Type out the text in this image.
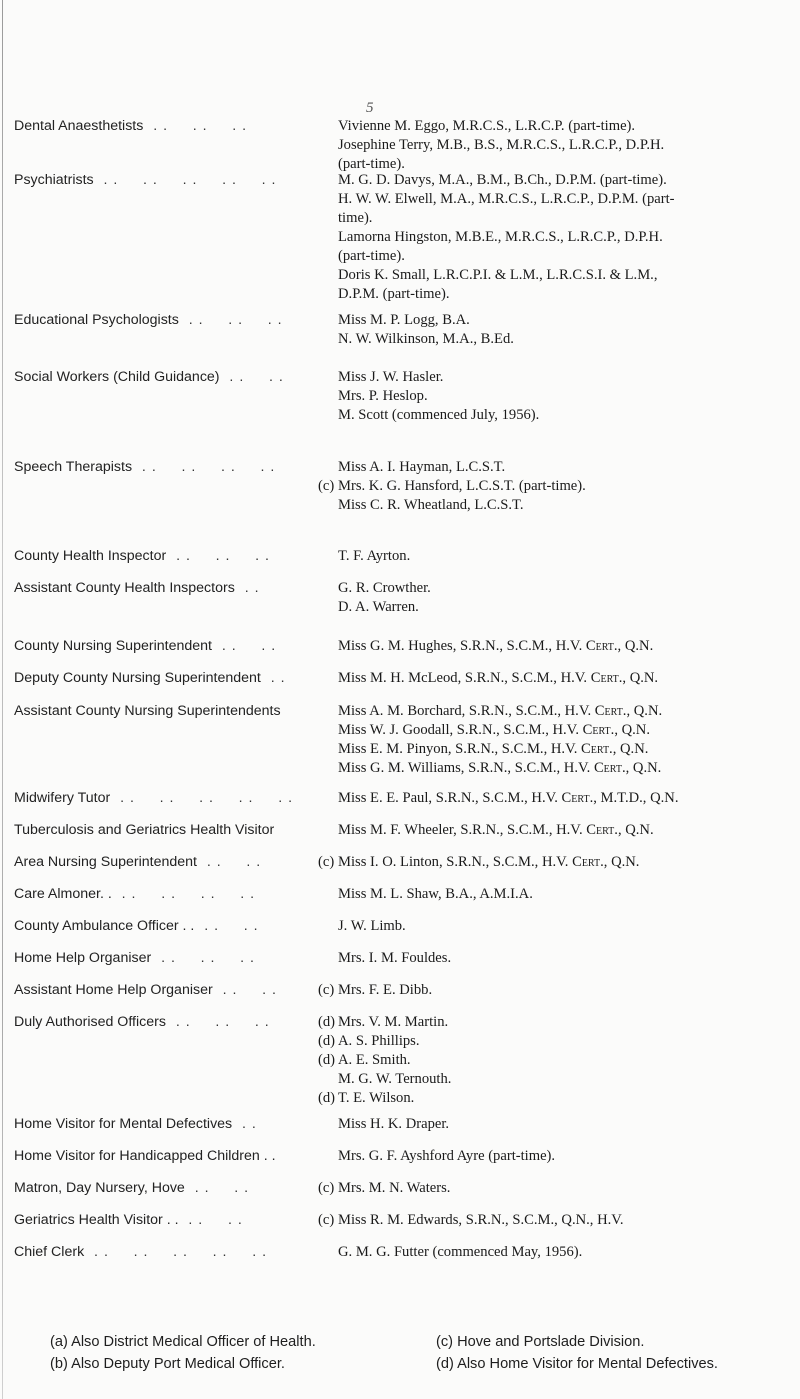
5
Dental Anaesthetists  . .     . .     . .	Vivienne M. Eggo, M.R.C.S., L.R.C.P. (part-time).
Josephine Terry, M.B., B.S., M.R.C.S., L.R.C.P., D.P.H.
(part-time).
Psychiatrists  . .     . .     . .     . .     . .	M. G. D. Davys, M.A., B.M., B.Ch., D.P.M. (part-time).
H. W. W. Elwell, M.A., M.R.C.S., L.R.C.P., D.P.M. (part-
time).
Lamorna Hingston, M.B.E., M.R.C.S., L.R.C.P., D.P.H.
(part-time).
Doris K. Small, L.R.C.P.I. & L.M., L.R.C.S.I. & L.M.,
D.P.M. (part-time).
Educational Psychologists  . .     . .     . .	Miss M. P. Logg, B.A.
N. W. Wilkinson, M.A., B.Ed.
Social Workers (Child Guidance)  . .     . .	Miss J. W. Hasler.
Mrs. P. Heslop.
M. Scott (commenced July, 1956).
Speech Therapists  . .     . .     . .     . .	Miss A. I. Hayman, L.C.S.T.
(c) Mrs. K. G. Hansford, L.C.S.T. (part-time).
Miss C. R. Wheatland, L.C.S.T.
County Health Inspector  . .     . .     . .	T. F. Ayrton.
Assistant County Health Inspectors  . .	G. R. Crowther.
D. A. Warren.
County Nursing Superintendent  . .     . .	Miss G. M. Hughes, S.R.N., S.C.M., H.V. Cert., Q.N.
Deputy County Nursing Superintendent  . .	Miss M. H. McLeod, S.R.N., S.C.M., H.V. Cert., Q.N.
Assistant County Nursing Superintendents	Miss A. M. Borchard, S.R.N., S.C.M., H.V. Cert., Q.N.
Miss W. J. Goodall, S.R.N., S.C.M., H.V. Cert., Q.N.
Miss E. M. Pinyon, S.R.N., S.C.M., H.V. Cert., Q.N.
Miss G. M. Williams, S.R.N., S.C.M., H.V. Cert., Q.N.
Midwifery Tutor  . .     . .     . .     . .     . .	Miss E. E. Paul, S.R.N., S.C.M., H.V. Cert., M.T.D., Q.N.
Tuberculosis and Geriatrics Health Visitor	Miss M. F. Wheeler, S.R.N., S.C.M., H.V. Cert., Q.N.
Area Nursing Superintendent  . .     . .	(c) Miss I. O. Linton, S.R.N., S.C.M., H.V. Cert., Q.N.
Care Almoner. .  . .     . .     . .     . .	Miss M. L. Shaw, B.A., A.M.I.A.
County Ambulance Officer . .  . .     . .	J. W. Limb.
Home Help Organiser  . .     . .     . .	Mrs. I. M. Fouldes.
Assistant Home Help Organiser  . .     . .	(c) Mrs. F. E. Dibb.
Duly Authorised Officers  . .     . .     . .	(d) Mrs. V. M. Martin.
(d) A. S. Phillips.
(d) A. E. Smith.
M. G. W. Ternouth.
(d) T. E. Wilson.
Home Visitor for Mental Defectives  . .	Miss H. K. Draper.
Home Visitor for Handicapped Children . .	Mrs. G. F. Ayshford Ayre (part-time).
Matron, Day Nursery, Hove  . .     . .	(c) Mrs. M. N. Waters.
Geriatrics Health Visitor . .  . .     . .	(c) Miss R. M. Edwards, S.R.N., S.C.M., Q.N., H.V.
Chief Clerk  . .     . .     . .     . .     . .	G. M. G. Futter (commenced May, 1956).
(a) Also District Medical Officer of Health.
(b) Also Deputy Port Medical Officer.
(c) Hove and Portslade Division.
(d) Also Home Visitor for Mental Defectives.
